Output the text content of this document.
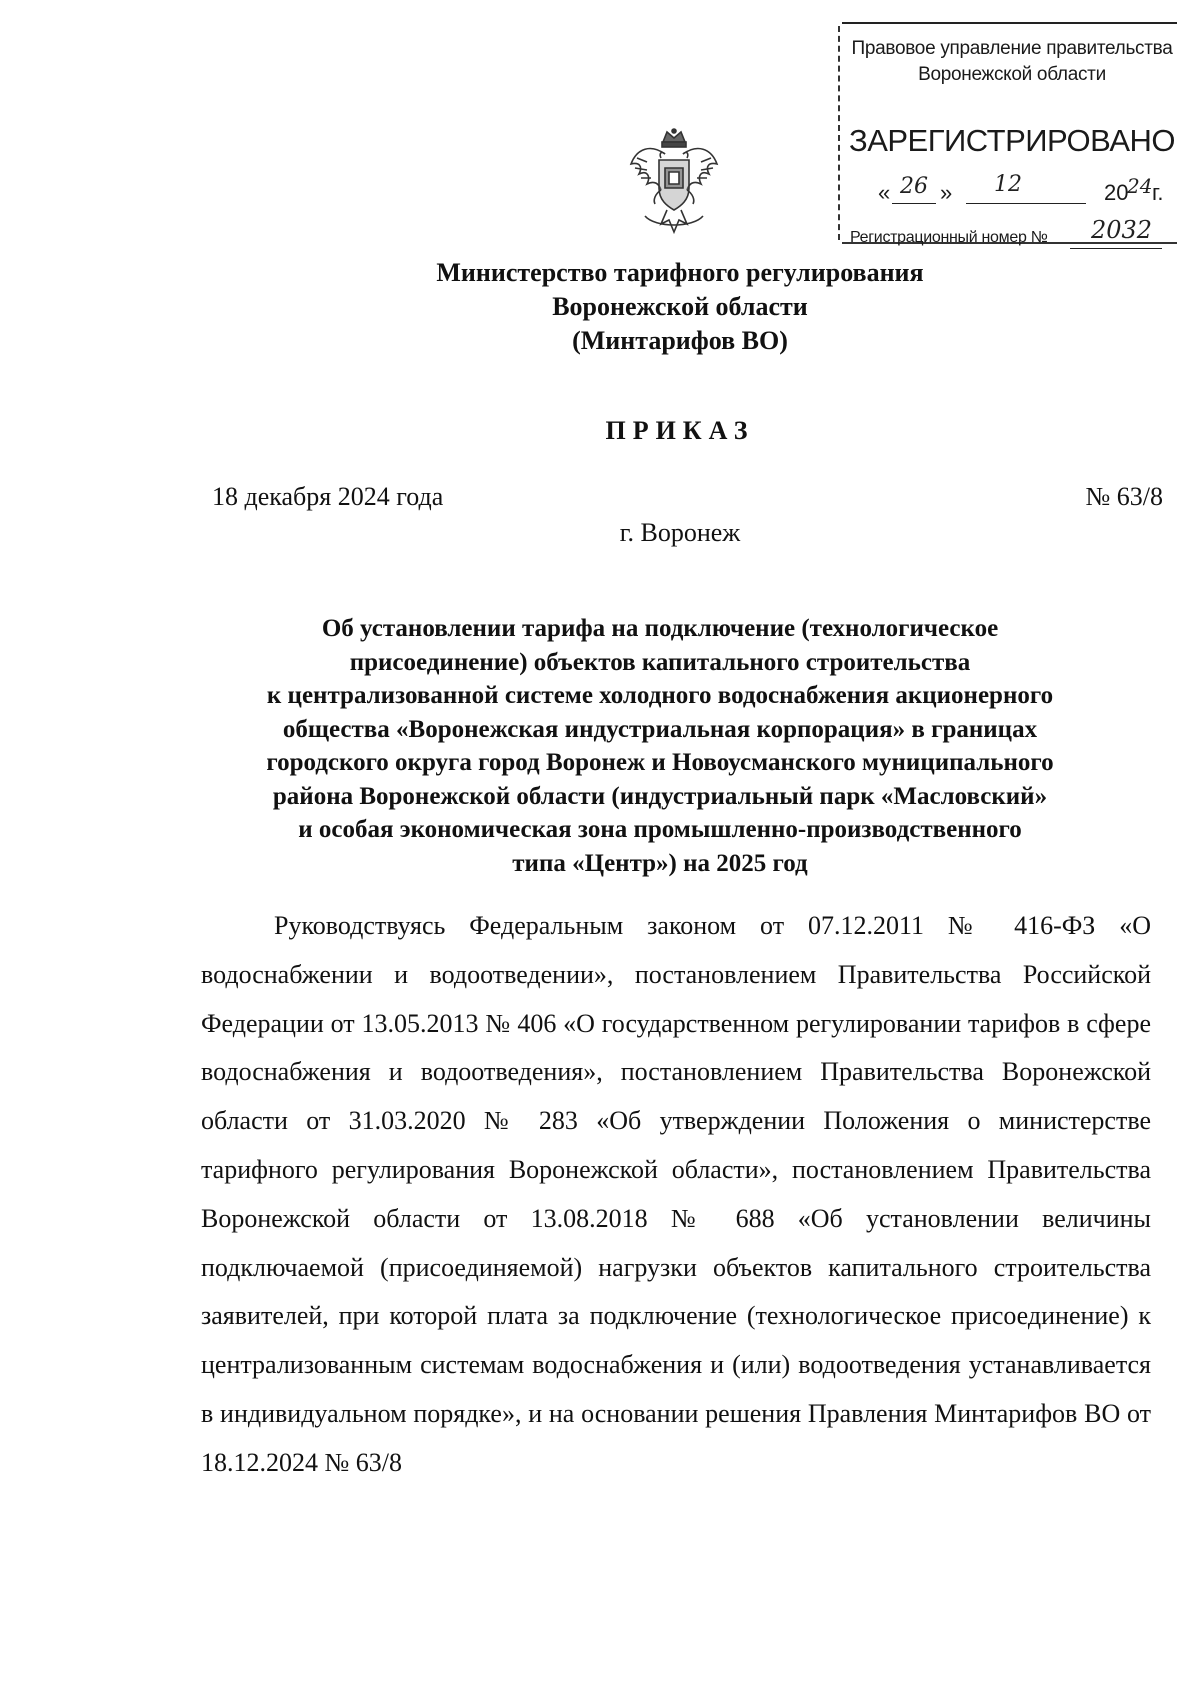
Правовое управление правительства
Воронежской области
ЗАРЕГИСТРИРОВАНО
« 26 » 12	20
24 г.
Регистрационный номер № 2032
Министерство тарифного регулирования
Воронежской области
(Минтарифов ВО)
ПРИКАЗ
18 декабря 2024 года	№ 63/8
г. Воронеж
Об установлении тарифа на подключение (технологическое
присоединение) объектов капитального строительства
к централизованной системе холодного водоснабжения акционерного
общества «Воронежская индустриальная корпорация» в границах
городского округа город Воронеж и Новоусманского муниципального
района Воронежской области (индустриальный парк «Масловский»
и особая экономическая зона промышленно-производственного
типа «Центр») на 2025 год

Руководствуясь Федеральным законом от 07.12.2011 № 416-ФЗ «О водоснабжении и водоотведении», постановлением Правительства Российской Федерации от 13.05.2013 № 406 «О государственном регулировании тарифов в сфере водоснабжения и водоотведения», постановлением Правительства Воронежской области от 31.03.2020 № 283 «Об утверждении Положения о министерстве тарифного регулирования Воронежской области», постановлением Правительства Воронежской области от 13.08.2018 № 688 «Об установлении величины подключаемой (присоединяемой) нагрузки объектов капитального строительства заявителей, при которой плата за подключение (технологическое присоединение) к централизованным системам водоснабжения и (или) водоотведения устанавливается в индивидуальном порядке», и на основании решения Правления Минтарифов ВО от 18.12.2024 № 63/8
